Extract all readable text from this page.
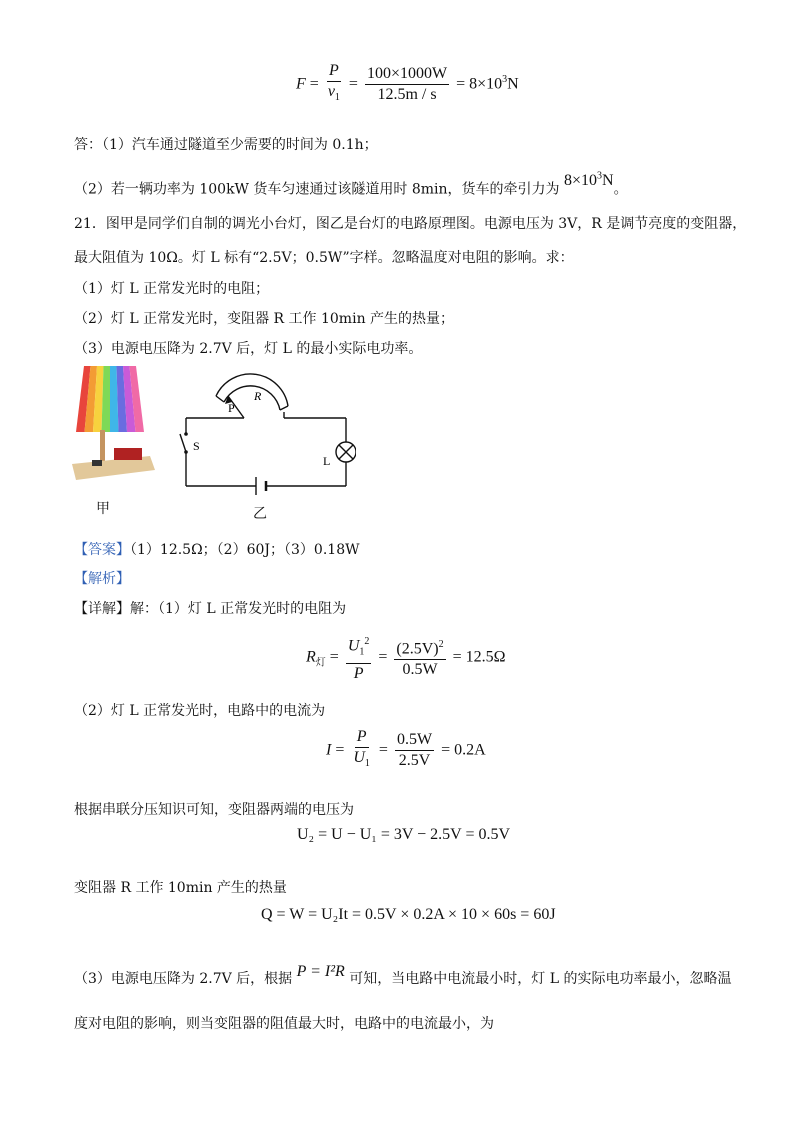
$F = \frac{P}{v_1} = \frac{100\times 1000W}{12.5m / s} = 8\times 10^3N$
答：（1）汽车通过隧道至少需要的时间为 0.1h；
（2）若一辆功率为 100kW 货车匀速通过该隧道用时 8min，货车的牵引力为 $8\times 10^3N$。
21．图甲是同学们自制的调光小台灯，图乙是台灯的电路原理图。电源电压为 3V，R 是调节亮度的变阻器，
最大阻值为 10Ω。灯 L 标有“2.5V；0.5W”字样。忽略温度对电阻的影响。求：
（1）灯 L 正常发光时的电阻；
（2）灯 L 正常发光时，变阻器 R 工作 10min 产生的热量；
（3）电源电压降为 2.7V 后，灯 L 的最小实际电功率。
甲
P
R
S
L
乙
【答案】（1）12.5Ω；（2）60J；（3）0.18W
【解析】
【详解】解：（1）灯 L 正常发光时的电阻为
$R_灯 = \frac{U_1^2}{P} = \frac{(2.5V)^2}{0.5W} = 12.5\Omega$
（2）灯 L 正常发光时，电路中的电流为
$I = \frac{P}{U_1} = \frac{0.5W}{2.5V} = 0.2A$
根据串联分压知识可知，变阻器两端的电压为
U₂ = U − U₁ = 3V − 2.5V = 0.5V
变阻器 R 工作 10min 产生的热量
Q = W = U₂It = 0.5V × 0.2A × 10 × 60s = 60J
（3）电源电压降为 2.7V 后，根据 P = I²R 可知，当电路中电流最小时，灯 L 的实际电功率最小，忽略温
度对电阻的影响，则当变阻器的阻值最大时，电路中的电流最小，为
